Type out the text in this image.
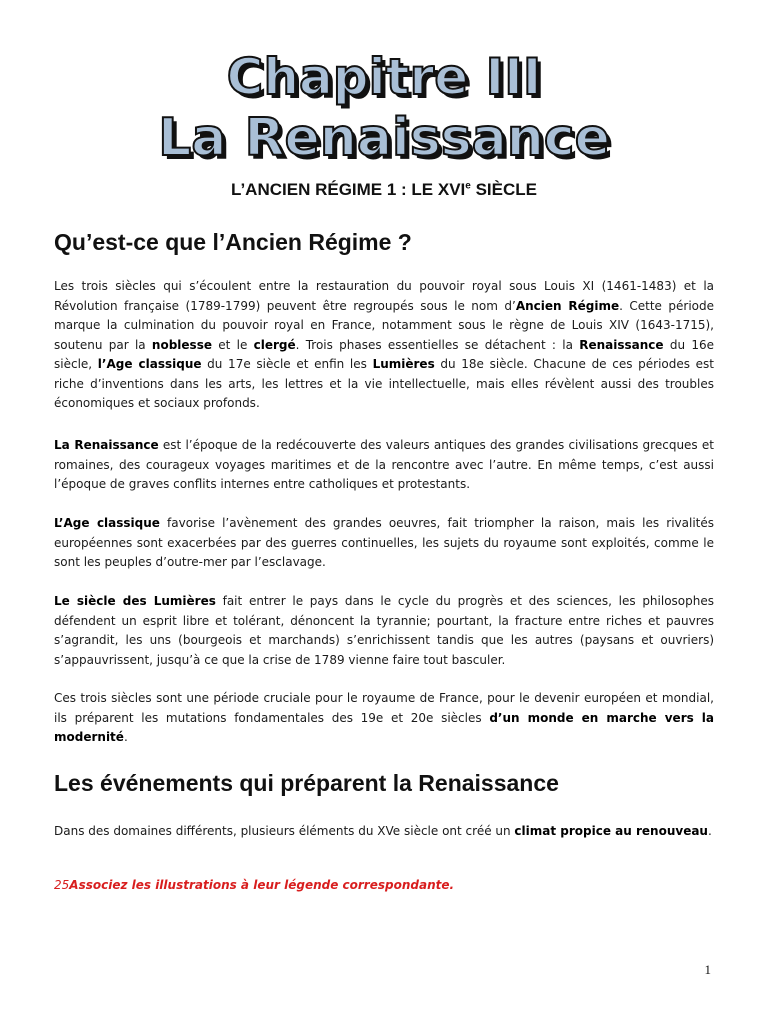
Chapitre III
La Renaissance
L’ANCIEN RÉGIME 1 : LE XVIe SIÈCLE
Qu’est-ce que l’Ancien Régime ?
Les trois siècles qui s’écoulent entre la restauration du pouvoir royal sous Louis XI (1461-1483) et la Révolution française (1789-1799) peuvent être regroupés sous le nom d’Ancien Régime. Cette période marque la culmination du pouvoir royal en France, notamment sous le règne de Louis XIV (1643-1715), soutenu par la noblesse et le clergé. Trois phases essentielles se détachent : la Renaissance du 16e siècle, l’Age classique du 17e siècle et enfin les Lumières du 18e siècle. Chacune de ces périodes est riche d’inventions dans les arts, les lettres et la vie intellectuelle, mais elles révèlent aussi des troubles économiques et sociaux profonds.
La Renaissance est l’époque de la redécouverte des valeurs antiques des grandes civilisations grecques et romaines, des courageux voyages maritimes et de la rencontre avec l’autre. En même temps, c’est aussi l’époque de graves conflits internes entre catholiques et protestants.
L’Age classique favorise l’avènement des grandes oeuvres, fait triompher la raison, mais les rivalités européennes sont exacerbées par des guerres continuelles, les sujets du royaume sont exploités, comme le sont les peuples d’outre-mer par l’esclavage.
Le siècle des Lumières fait entrer le pays dans le cycle du progrès et des sciences, les philosophes défendent un esprit libre et tolérant, dénoncent la tyrannie; pourtant, la fracture entre riches et pauvres s’agrandit, les uns (bourgeois et marchands) s’enrichissent tandis que les autres (paysans et ouvriers) s’appauvrissent, jusqu’à ce que la crise de 1789 vienne faire tout basculer.
Ces trois siècles sont une période cruciale pour le royaume de France, pour le devenir européen et mondial, ils préparent les mutations fondamentales des 19e et 20e siècles d’un monde en marche vers la modernité.
Les événements qui préparent la Renaissance
Dans des domaines différents, plusieurs éléments du XVe siècle ont créé un climat propice au renouveau.
25Associez les illustrations à leur légende correspondante.
1
